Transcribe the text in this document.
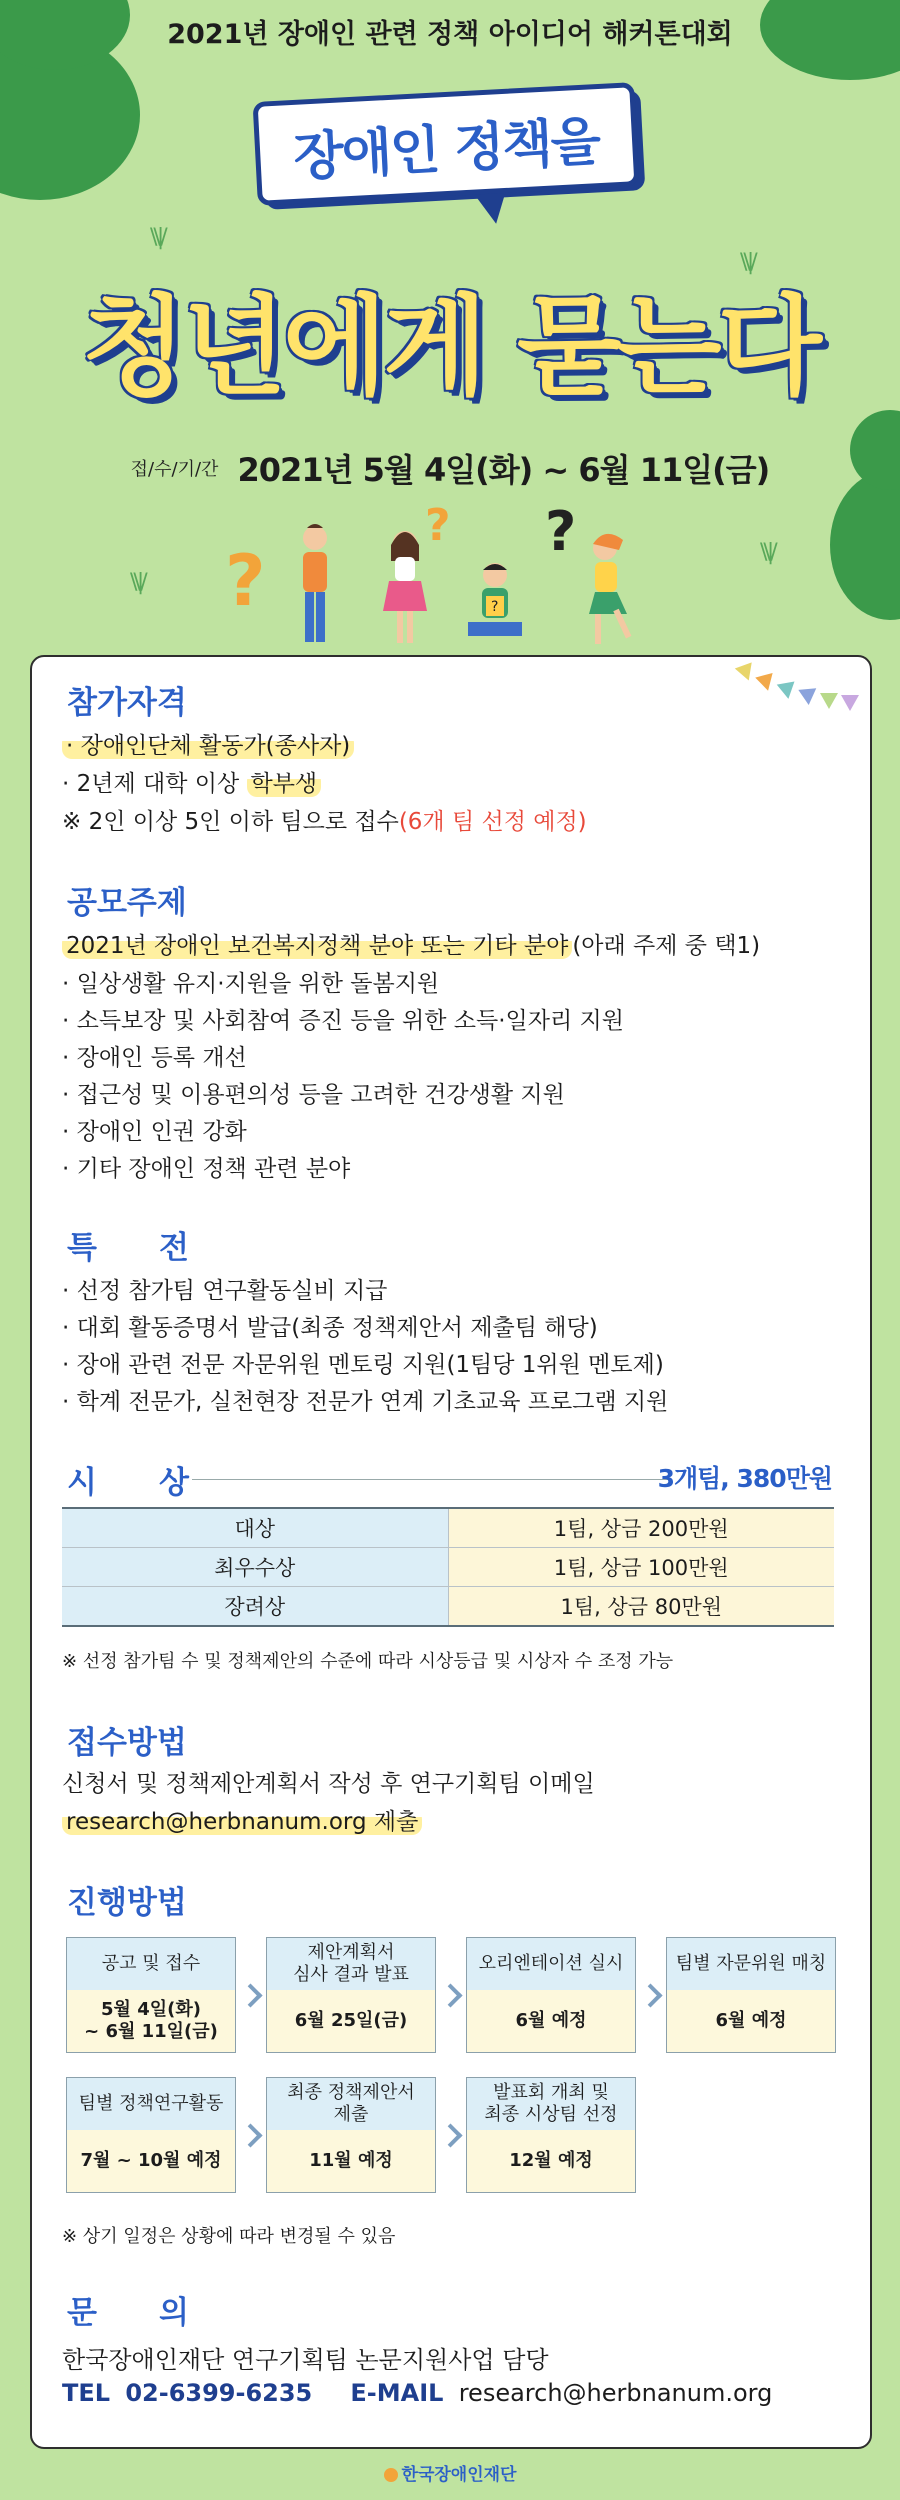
\\|/
\\|/
\\|/
\\|/
2021년 장애인 관련 정책 아이디어 해커톤대회
장애인 정책을
청년에게 묻는다
접/수/기/간 2021년 5월 4일(화) ~ 6월 11일(금)
?
? ?
?
참가자격
· 장애인단체 활동가(종사자)
· 2년제 대학 이상 학부생
※ 2인 이상 5인 이하 팀으로 접수(6개 팀 선정 예정)
공모주제
2021년 장애인 보건복지정책 분야 또는 기타 분야 (아래 주제 중 택1)
· 일상생활 유지·지원을 위한 돌봄지원
· 소득보장 및 사회참여 증진 등을 위한 소득·일자리 지원
· 장애인 등록 개선
· 접근성 및 이용편의성 등을 고려한 건강생활 지원
· 장애인 인권 강화
· 기타 장애인 정책 관련 분야
특　　전
· 선정 참가팀 연구활동실비 지급
· 대회 활동증명서 발급(최종 정책제안서 제출팀 해당)
· 장애 관련 전문 자문위원 멘토링 지원(1팀당 1위원 멘토제)
· 학계 전문가, 실천현장 전문가 연계 기초교육 프로그램 지원
시　　상	3개팀, 380만원
대상	1팀, 상금 200만원
최우수상	1팀, 상금 100만원
장려상	1팀, 상금 80만원
※ 선정 참가팀 수 및 정책제안의 수준에 따라 시상등급 및 시상자 수 조정 가능
접수방법
신청서 및 정책제안계획서 작성 후 연구기획팀 이메일
research@herbnanum.org 제출
진행방법
공고 및 접수
5월 4일(화)
~ 6월 11일(금)
제안계획서
심사 결과 발표
6월 25일(금)
오리엔테이션 실시
6월 예정
팀별 자문위원 매칭
6월 예정
팀별 정책연구활동
7월 ~ 10월 예정
최종 정책제안서
제출
11월 예정
발표회 개최 및
최종 시상팀 선정
12월 예정
※ 상기 일정은 상황에 따라 변경될 수 있음
문　　의
한국장애인재단 연구기획팀 논문지원사업 담당
TEL 02-6399-6235 E-MAIL research@herbnanum.org
한국장애인재단
